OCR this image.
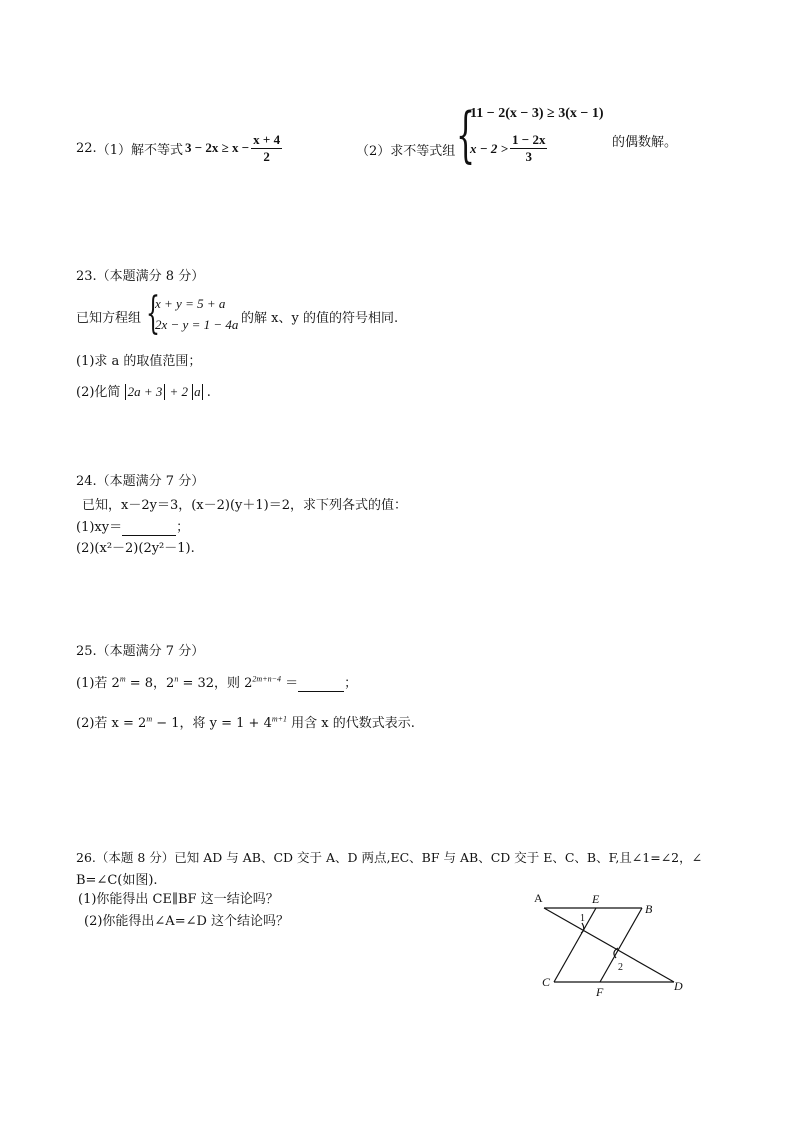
22. （1）解不等式 $3 - 2x \ge x - \frac{x + 4}{2}$	（2）求不等式组 {
11 − 2(x − 3) ≥ 3(x − 1)
$x - 2 > \frac{1 - 2x}{3}$	的偶数解。
23.（本题满分 8 分）
已知方程组 {
x + y = 5 + a
2x − y = 1 − 4a 的解 x、y 的值的符号相同.
(1)求 a 的取值范围；
(2)化简 2a + 3 + 2 a .
24.（本题满分 7 分）
已知，x－2y＝3，(x－2)(y＋1)＝2，求下列各式的值：
(1)xy＝	；
(2)(x²－2)(2y²－1).
25.（本题满分 7 分）
(1)若 $2^m = 8$，$2^n = 32$，则 $2^{2m+n-4}$ ＝	；
(2)若 $x = 2^m - 1$，将 $y = 1 + 4^{m+1}$ 用含 x 的代数式表示.
26.（本题 8 分）已知 AD 与 AB、CD 交于 A、D 两点,EC、BF 与 AB、CD 交于 E、C、B、F,且∠1=∠2，∠
B=∠C(如图).
(1)你能得出 CE∥BF 这一结论吗？
(2)你能得出∠A=∠D 这个结论吗？
A	E
B
C
F	D
1
2
